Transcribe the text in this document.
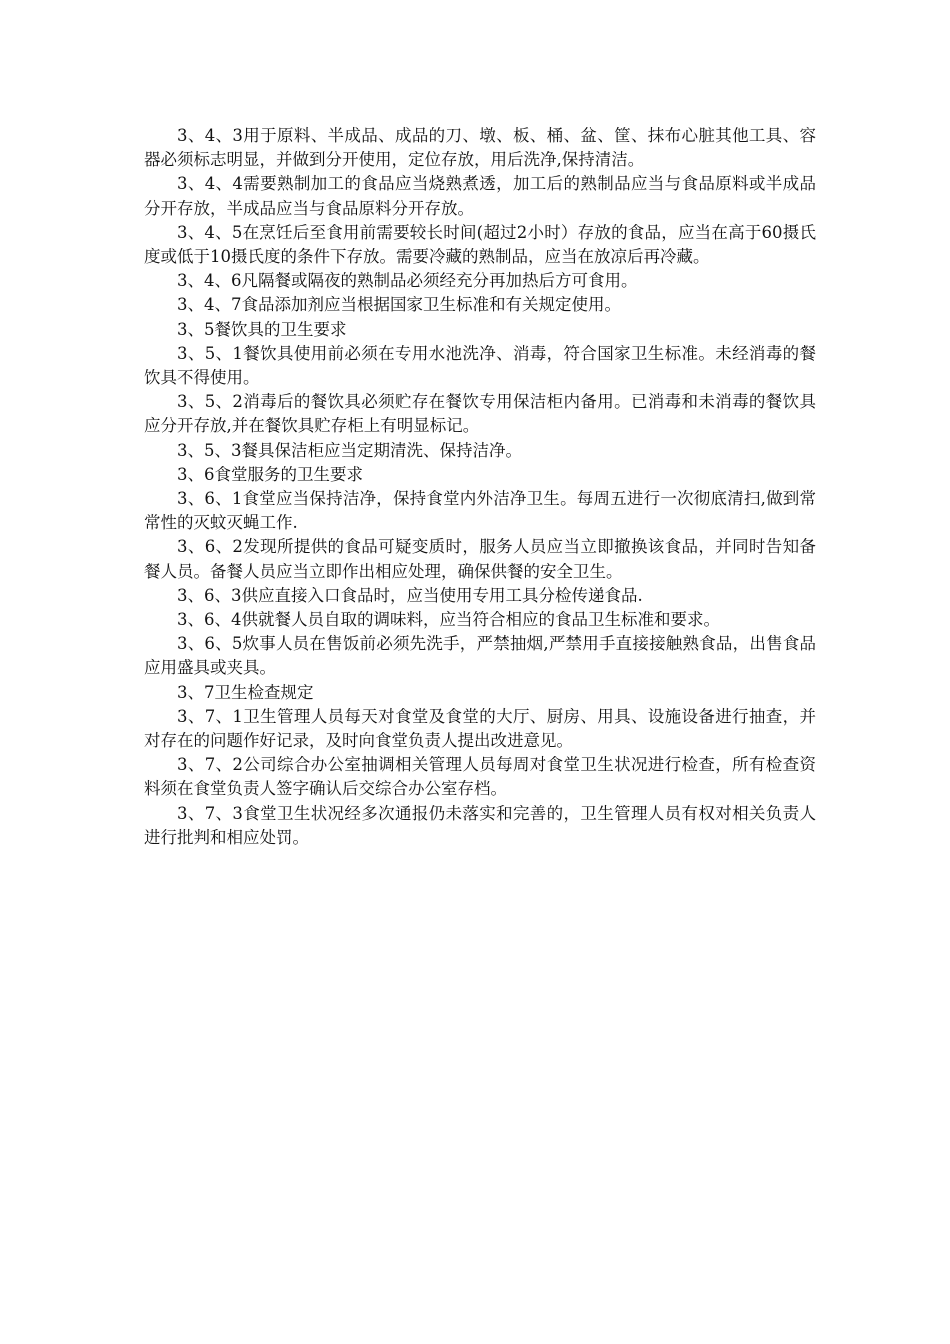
3、4、3用于原料、半成品、成品的刀、墩、板、桶、盆、筐、抹布心脏其他工具、容器必须标志明显，并做到分开使用，定位存放，用后洗净,保持清洁。

3、4、4需要熟制加工的食品应当烧熟煮透，加工后的熟制品应当与食品原料或半成品分开存放，半成品应当与食品原料分开存放。

3、4、5在烹饪后至食用前需要较长时间(超过2小时）存放的食品，应当在高于60摄氏度或低于10摄氏度的条件下存放。需要冷藏的熟制品，应当在放凉后再冷藏。

3、4、6凡隔餐或隔夜的熟制品必须经充分再加热后方可食用。

3、4、7食品添加剂应当根据国家卫生标准和有关规定使用。

3、5餐饮具的卫生要求

3、5、1餐饮具使用前必须在专用水池洗净、消毒，符合国家卫生标准。未经消毒的餐饮具不得使用。

3、5、2消毒后的餐饮具必须贮存在餐饮专用保洁柜内备用。已消毒和未消毒的餐饮具应分开存放,并在餐饮具贮存柜上有明显标记。

3、5、3餐具保洁柜应当定期清洗、保持洁净。

3、6食堂服务的卫生要求

3、6、1食堂应当保持洁净，保持食堂内外洁净卫生。每周五进行一次彻底清扫,做到常常性的灭蚊灭蝇工作.

3、6、2发现所提供的食品可疑变质时，服务人员应当立即撤换该食品，并同时告知备餐人员。备餐人员应当立即作出相应处理，确保供餐的安全卫生。

3、6、3供应直接入口食品时，应当使用专用工具分检传递食品.

3、6、4供就餐人员自取的调味料，应当符合相应的食品卫生标准和要求。

3、6、5炊事人员在售饭前必须先洗手，严禁抽烟,严禁用手直接接触熟食品，出售食品应用盛具或夹具。

3、7卫生检查规定

3、7、1卫生管理人员每天对食堂及食堂的大厅、厨房、用具、设施设备进行抽查，并对存在的问题作好记录，及时向食堂负责人提出改进意见。

3、7、2公司综合办公室抽调相关管理人员每周对食堂卫生状况进行检查，所有检查资料须在食堂负责人签字确认后交综合办公室存档。

3、7、3食堂卫生状况经多次通报仍未落实和完善的，卫生管理人员有权对相关负责人进行批判和相应处罚。
